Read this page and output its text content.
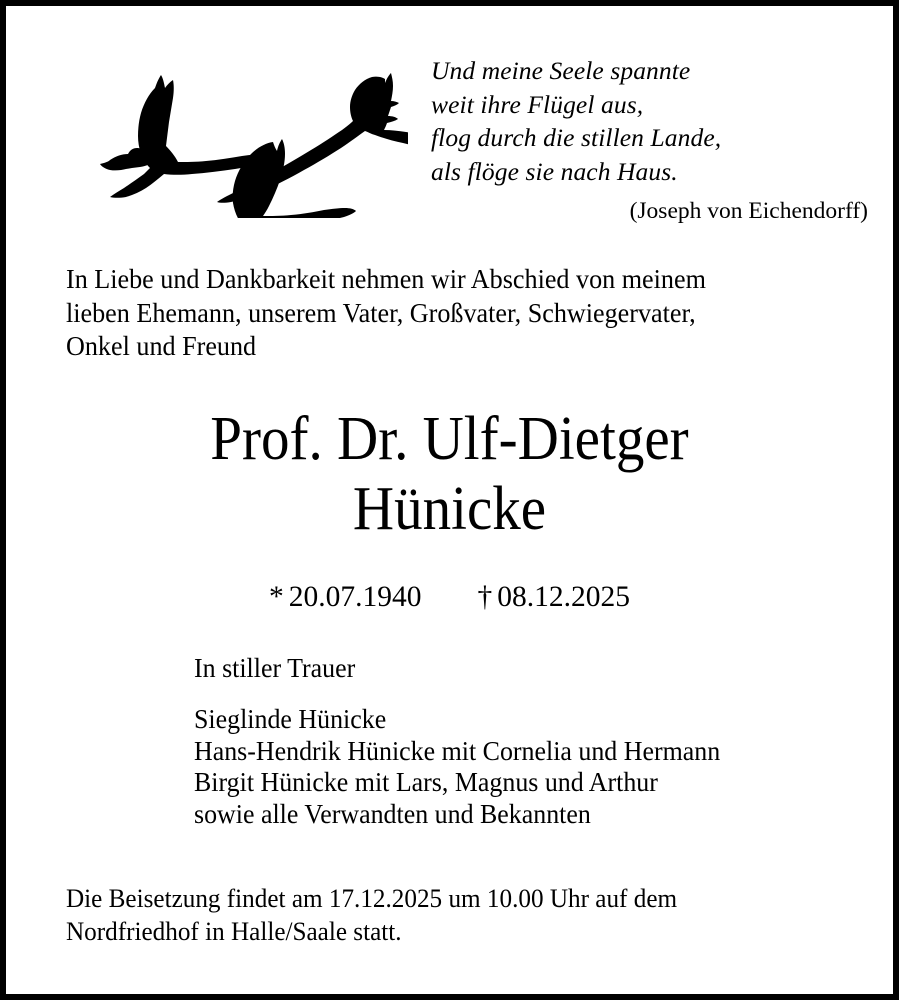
Und meine Seele spannte
weit ihre Flügel aus,
flog durch die stillen Lande,
als flöge sie nach Haus.
(Joseph von Eichendorff)
In Liebe und Dankbarkeit nehmen wir Abschied von meinem
lieben Ehemann, unserem Vater, Großvater, Schwiegervater,
Onkel und Freund
Prof. Dr. Ulf-Dietger
Hünicke
* 20.07.1940 † 08.12.2025
In stiller Trauer
Sieglinde Hünicke
Hans-Hendrik Hünicke mit Cornelia und Hermann
Birgit Hünicke mit Lars, Magnus und Arthur
sowie alle Verwandten und Bekannten
Die Beisetzung findet am 17.12.2025 um 10.00 Uhr auf dem
Nordfriedhof in Halle/Saale statt.
